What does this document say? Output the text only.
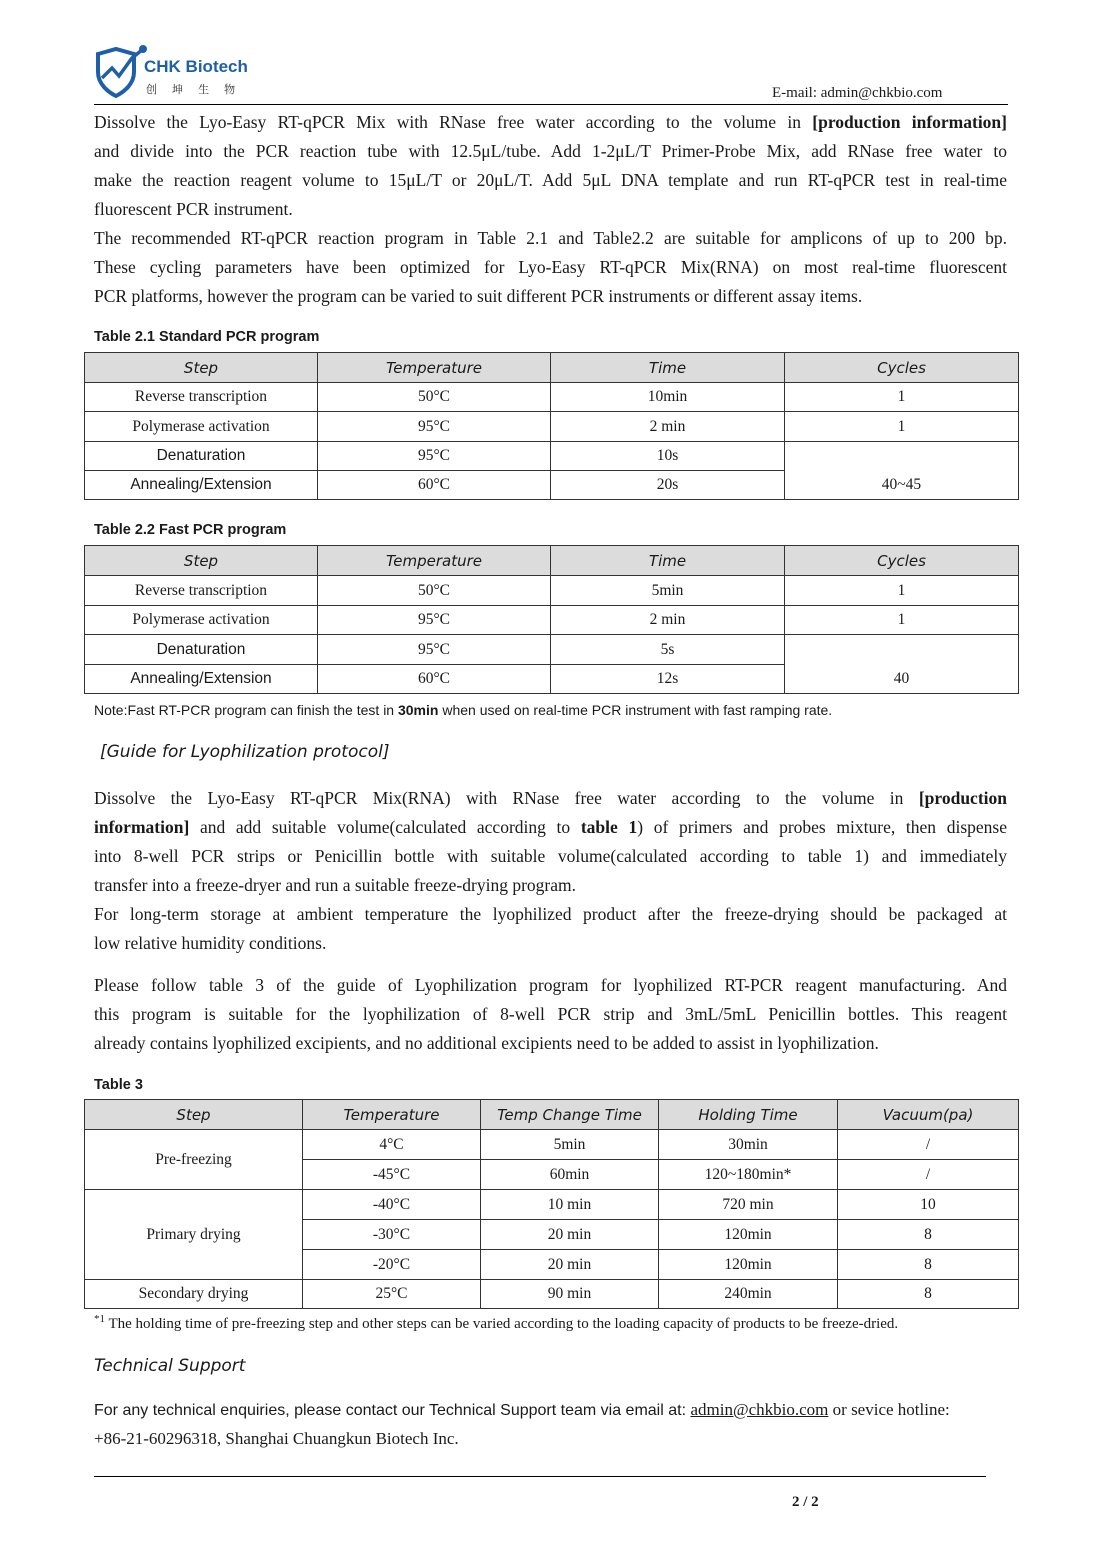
CHK Biotech
创 坤 生 物	E-mail: admin@chkbio.com
Dissolve the Lyo-Easy RT-qPCR Mix with RNase free water according to the volume in [production information]
and divide into the PCR reaction tube with 12.5μL/tube. Add 1-2μL/T Primer-Probe Mix, add RNase free water to
make the reaction reagent volume to 15μL/T or 20μL/T. Add 5μL DNA template and run RT-qPCR test in real-time
fluorescent PCR instrument.
The recommended RT-qPCR reaction program in Table 2.1 and Table2.2 are suitable for amplicons of up to 200 bp.
These cycling parameters have been optimized for Lyo-Easy RT-qPCR Mix(RNA) on most real-time fluorescent
PCR platforms, however the program can be varied to suit different PCR instruments or different assay items.
Table 2.1 Standard PCR program
Step	Temperature	Time	Cycles
Reverse transcription	50°C	10min	1
Polymerase activation	95°C	2 min	1
Denaturation	95°C	10s	40~45
Annealing/Extension	60°C	20s	
Table 2.2 Fast PCR program
Step	Temperature	Time	Cycles
Reverse transcription	50°C	5min	1
Polymerase activation	95°C	2 min	1
Denaturation	95°C	5s	40
Annealing/Extension	60°C	12s	
Note:Fast RT-PCR program can finish the test in 30min when used on real-time PCR instrument with fast ramping rate.
[Guide for Lyophilization protocol]
Dissolve the Lyo-Easy RT-qPCR Mix(RNA) with RNase free water according to the volume in [production
information] and add suitable volume(calculated according to table 1) of primers and probes mixture, then dispense
into 8-well PCR strips or Penicillin bottle with suitable volume(calculated according to table 1) and immediately
transfer into a freeze-dryer and run a suitable freeze-drying program.
For long-term storage at ambient temperature the lyophilized product after the freeze-drying should be packaged at
low relative humidity conditions.
Please follow table 3 of the guide of Lyophilization program for lyophilized RT-PCR reagent manufacturing. And
this program is suitable for the lyophilization of 8-well PCR strip and 3mL/5mL Penicillin bottles. This reagent
already contains lyophilized excipients, and no additional excipients need to be added to assist in lyophilization.
Table 3
Step	Temperature	Temp Change Time	Holding Time	Vacuum(pa)
Pre-freezing	4°C	5min	30min	/
	-45°C	60min	120~180min*	/
Primary drying	-40°C	10 min	720 min	10
	-30°C	20 min	120min	8
	-20°C	20 min	120min	8
Secondary drying	25°C	90 min	240min	8
$^{*1}$ The holding time of pre-freezing step and other steps can be varied according to the loading capacity of products to be freeze-dried.
Technical Support
For any technical enquiries, please contact our Technical Support team via email at: admin@chkbio.com or sevice hotline:
+86-21-60296318, Shanghai Chuangkun Biotech Inc.
2 / 2
